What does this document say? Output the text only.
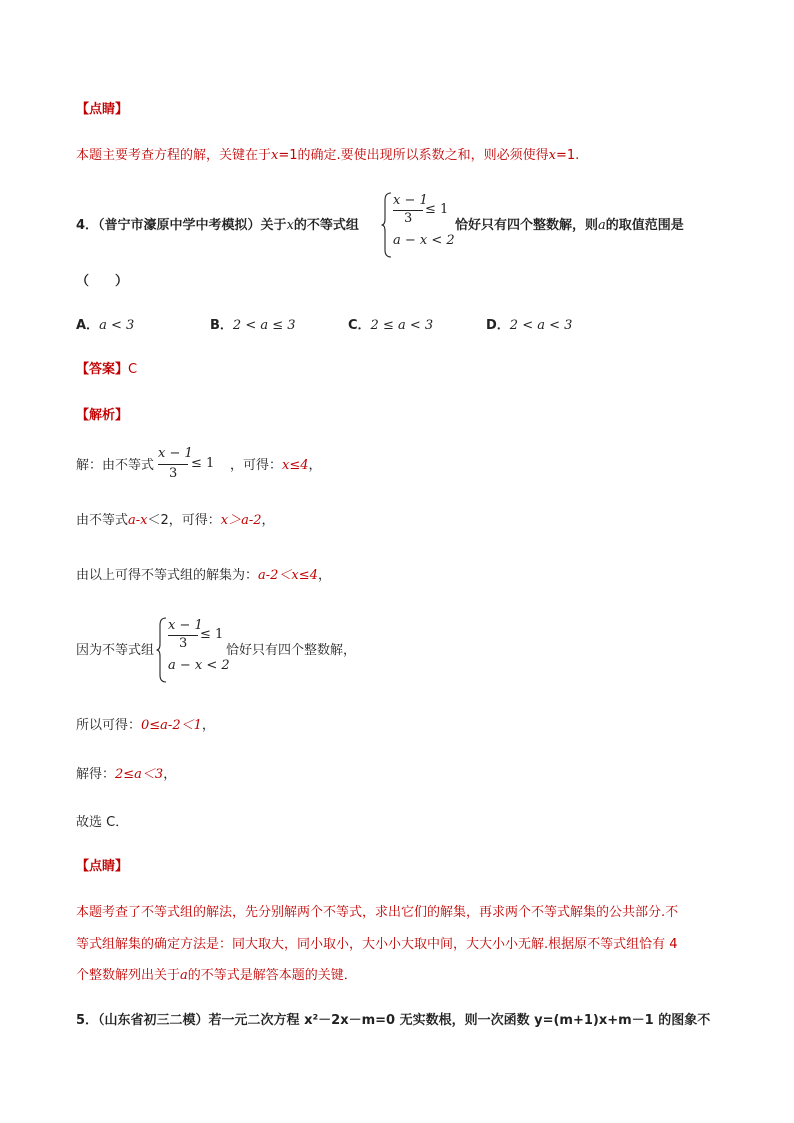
【点睛】
本题主要考查方程的解，关键在于x=1的确定.要使出现所以系数之和，则必须使得x=1.
4．（普宁市濠原中学中考模拟）关于x的不等式组
x − 1
3
≤ 1
a − x < 2
恰好只有四个整数解，则a的取值范围是
（　　）
A．a < 3	B．2 < a ≤ 3	C．2 ≤ a < 3	D．2 < a < 3
【答案】C
【解析】
解：由不等式	，可得：x≤4，
x − 1
3
≤ 1
由不等式a-x＜2，可得：x＞a-2，
由以上可得不等式组的解集为：a-2＜x≤4，
因为不等式组
x − 1
3
≤ 1
a − x < 2
恰好只有四个整数解，
所以可得：0≤a-2＜1，
解得：2≤a＜3，
故选 C．
【点睛】
本题考查了不等式组的解法，先分别解两个不等式，求出它们的解集，再求两个不等式解集的公共部分.不
等式组解集的确定方法是：同大取大，同小取小，大小小大取中间，大大小小无解.根据原不等式组恰有 4
个整数解列出关于a的不等式是解答本题的关键．
5．（山东省初三二模）若一元二次方程 x²－2x－m=0 无实数根，则一次函数 y=(m+1)x+m－1 的图象不
